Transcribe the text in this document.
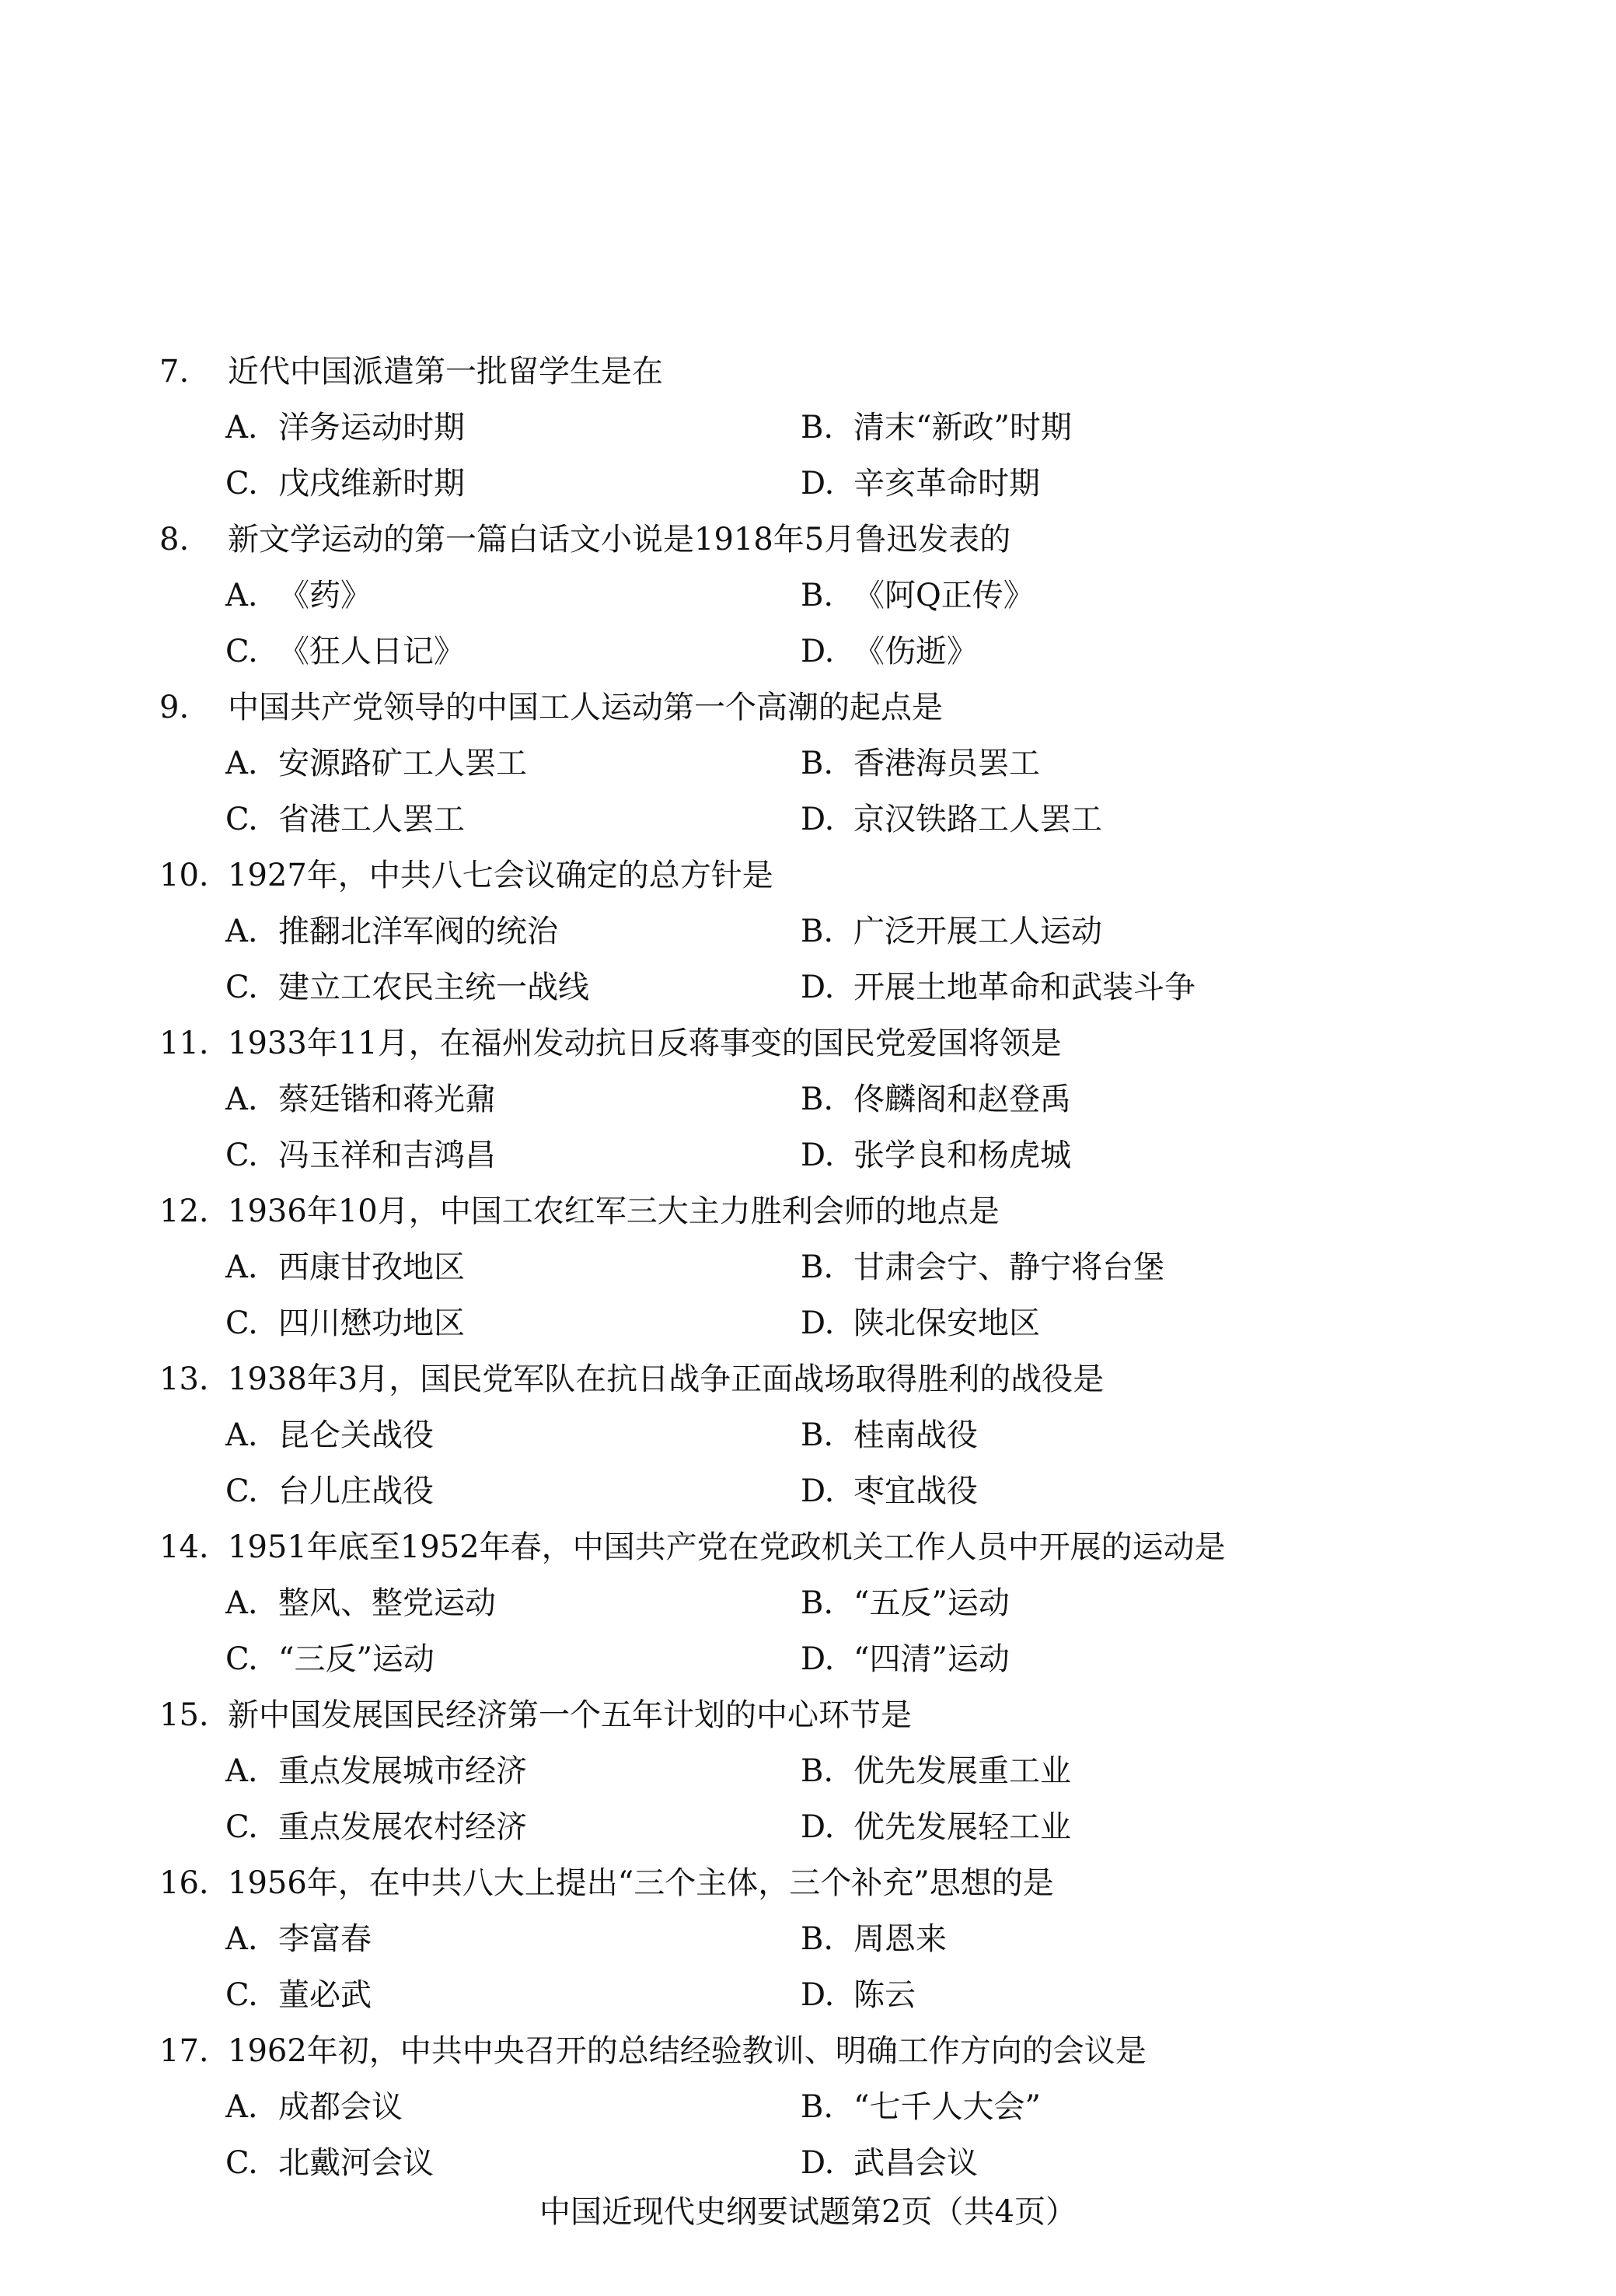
7. 近代中国派遣第一批留学生是在
A. 洋务运动时期	B. 清末“新政”时期
C. 戊戌维新时期	D. 辛亥革命时期
8. 新文学运动的第一篇白话文小说是1918年5月鲁迅发表的
A. 《药》	B. 《阿Q正传》
C. 《狂人日记》	D. 《伤逝》
9. 中国共产党领导的中国工人运动第一个高潮的起点是
A. 安源路矿工人罢工	B. 香港海员罢工
C. 省港工人罢工	D. 京汉铁路工人罢工
10. 1927年，中共八七会议确定的总方针是
A. 推翻北洋军阀的统治	B. 广泛开展工人运动
C. 建立工农民主统一战线	D. 开展土地革命和武装斗争
11. 1933年11月，在福州发动抗日反蒋事变的国民党爱国将领是
A. 蔡廷锴和蒋光鼐	B. 佟麟阁和赵登禹
C. 冯玉祥和吉鸿昌	D. 张学良和杨虎城
12. 1936年10月，中国工农红军三大主力胜利会师的地点是
A. 西康甘孜地区	B. 甘肃会宁、静宁将台堡
C. 四川懋功地区	D. 陕北保安地区
13. 1938年3月，国民党军队在抗日战争正面战场取得胜利的战役是
A. 昆仑关战役	B. 桂南战役
C. 台儿庄战役	D. 枣宜战役
14. 1951年底至1952年春，中国共产党在党政机关工作人员中开展的运动是
A. 整风、整党运动	B. “五反”运动
C. “三反”运动	D. “四清”运动
15. 新中国发展国民经济第一个五年计划的中心环节是
A. 重点发展城市经济	B. 优先发展重工业
C. 重点发展农村经济	D. 优先发展轻工业
16. 1956年，在中共八大上提出“三个主体，三个补充”思想的是
A. 李富春	B. 周恩来
C. 董必武	D. 陈云
17. 1962年初，中共中央召开的总结经验教训、明确工作方向的会议是
A. 成都会议	B. “七千人大会”
C. 北戴河会议	D. 武昌会议
中国近现代史纲要试题第2页（共4页）
